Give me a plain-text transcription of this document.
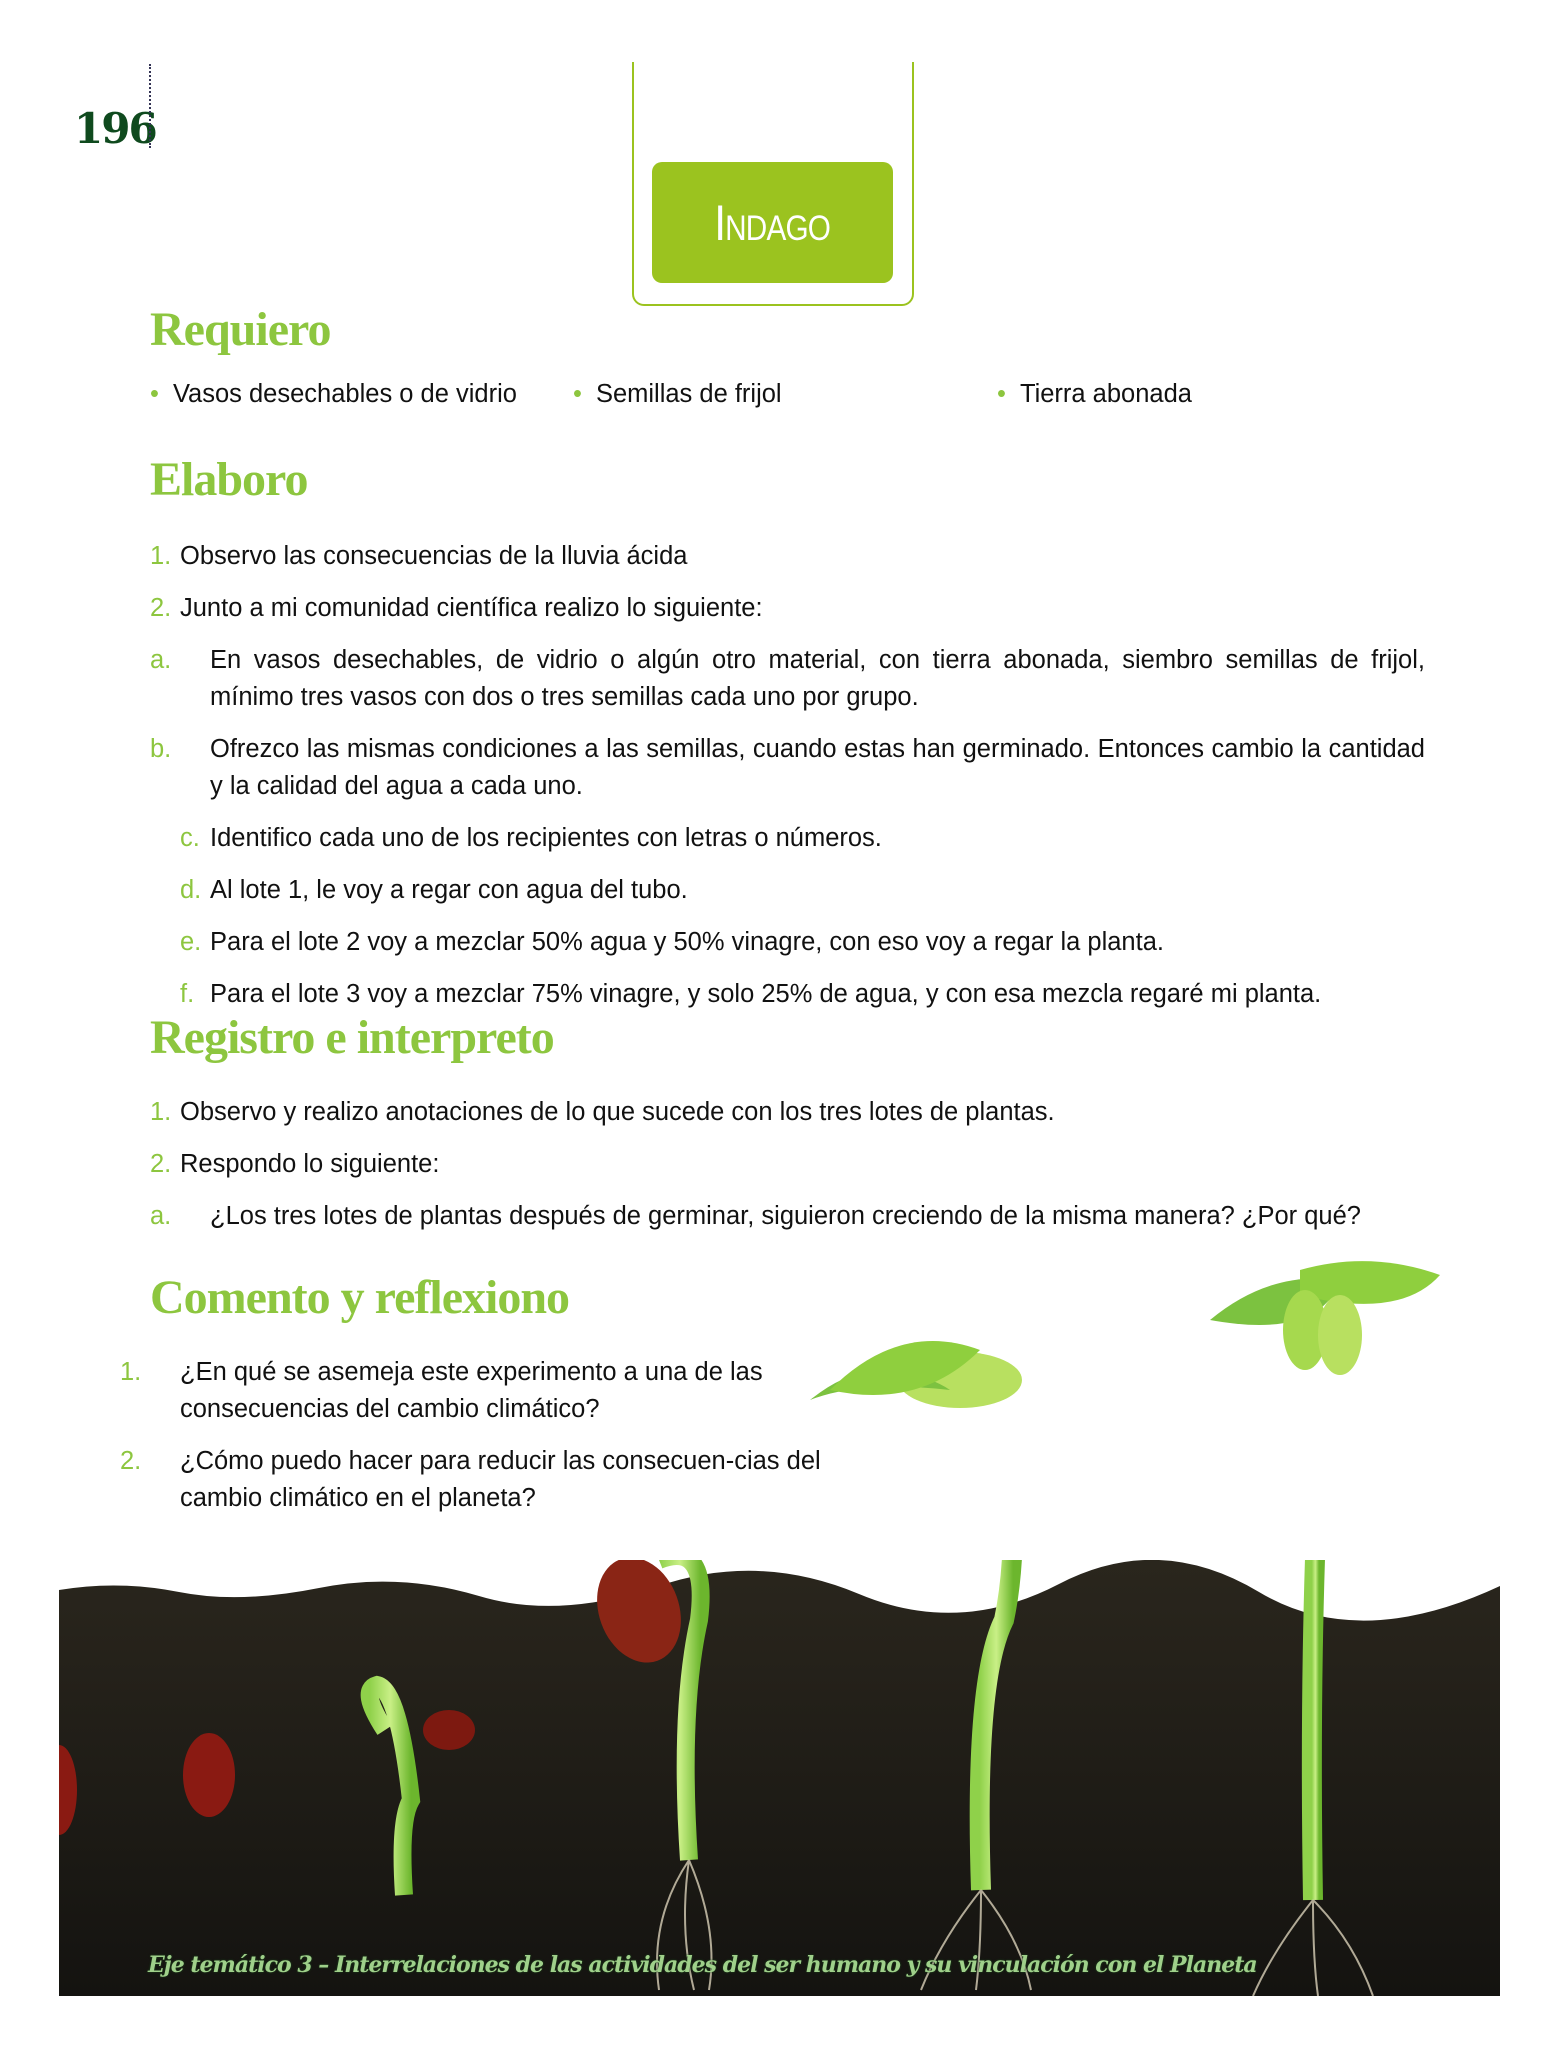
196
Indago
Requiero
• Vasos desechables o de vidrio • Semillas de frijol	• Tierra abonada
Elaboro
1. Observo las consecuencias de la lluvia ácida
2. Junto a mi comunidad científica realizo lo siguiente:
a. En vasos desechables, de vidrio o algún otro material, con tierra abonada, siembro semillas de frijol, mínimo tres vasos con dos o tres semillas cada uno por grupo.
b. Ofrezco las mismas condiciones a las semillas, cuando estas han germinado. Entonces cambio la cantidad y la calidad del agua a cada uno.
c. Identifico cada uno de los recipientes con letras o números.
d. Al lote 1, le voy a regar con agua del tubo.
e. Para el lote 2 voy a mezclar 50% agua y 50% vinagre, con eso voy a regar la planta.
f. Para el lote 3 voy a mezclar 75% vinagre, y solo 25% de agua, y con esa mezcla regaré mi planta.
Registro e interpreto
1. Observo y realizo anotaciones de lo que sucede con los tres lotes de plantas.
2. Respondo lo siguiente:
a. ¿Los tres lotes de plantas después de germinar, siguieron creciendo de la misma manera? ¿Por qué?
Comento y reflexiono
1. ¿En qué se asemeja este experimento a una de las consecuencias del cambio climático?
2. ¿Cómo puedo hacer para reducir las consecuen-cias del cambio climático en el planeta?
Eje temático 3 – Interrelaciones de las actividades del ser humano y su vinculación con el Planeta
